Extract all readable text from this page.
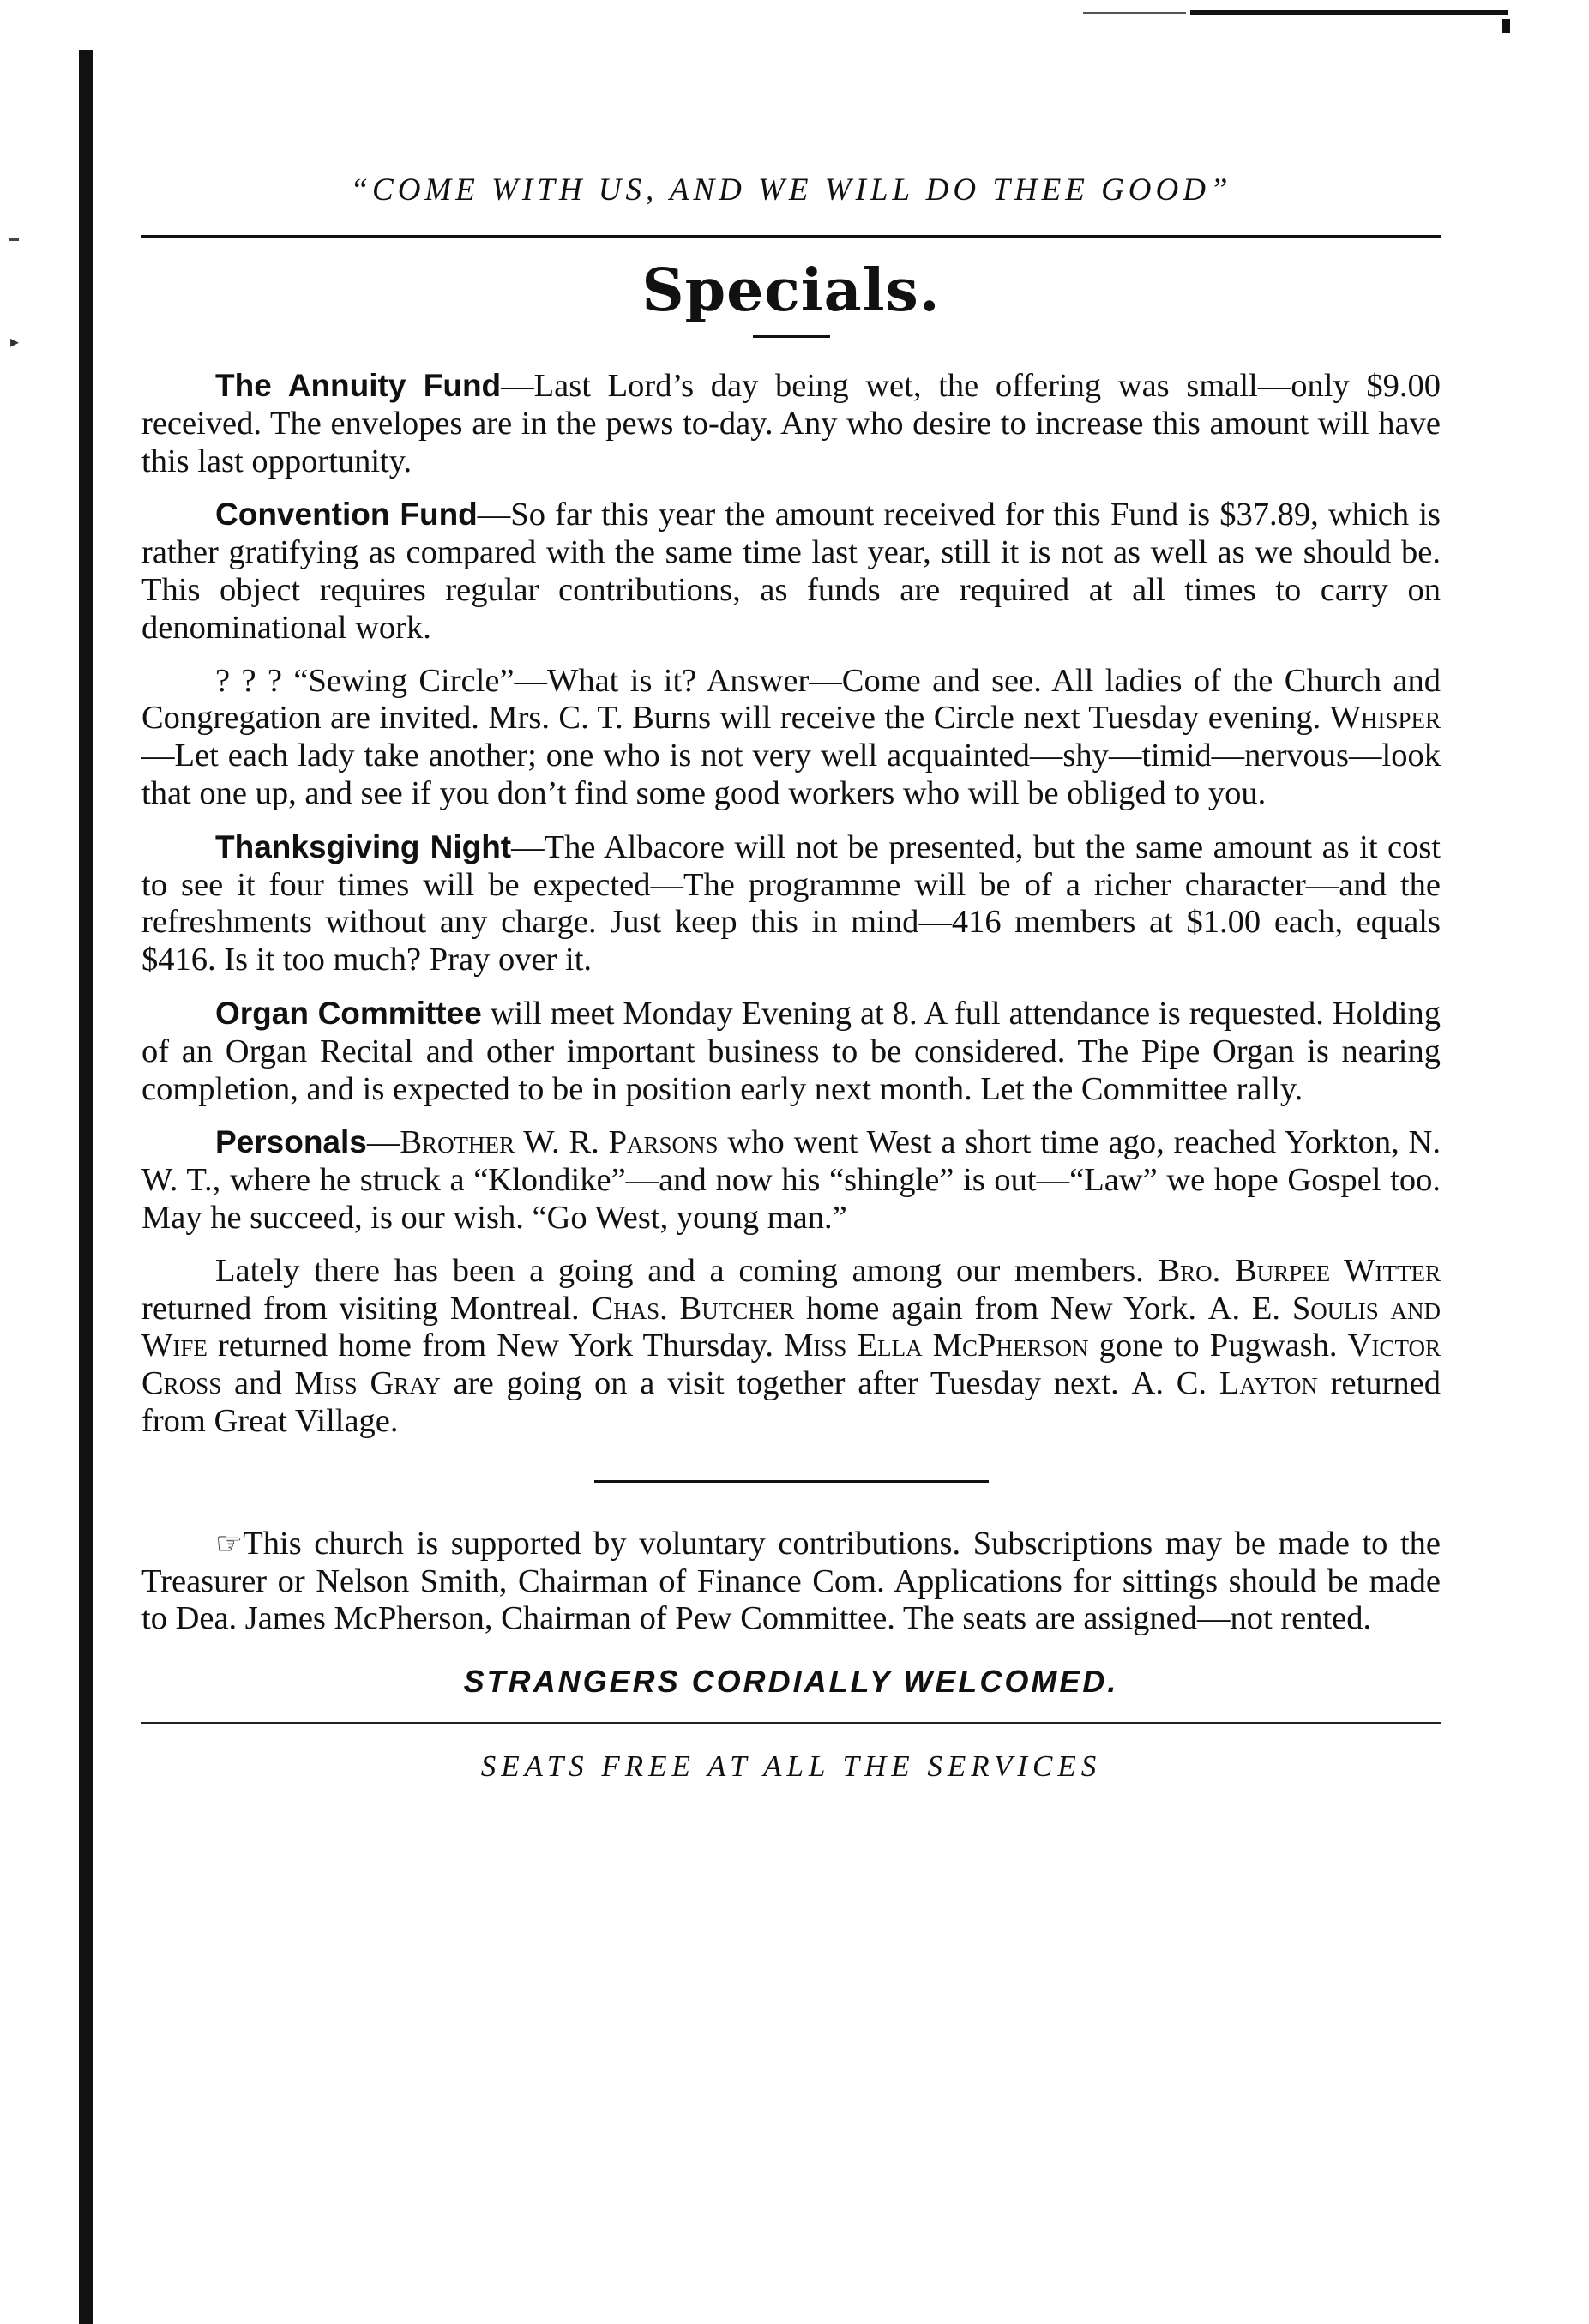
▸
“COME WITH US, AND WE WILL DO THEE GOOD”
Specials.

The Annuity Fund—Last Lord’s day being wet, the offering was small—only $9.00 received. The envelopes are in the pews to-day. Any who desire to increase this amount will have this last opportunity.

Convention Fund—So far this year the amount received for this Fund is $37.89, which is rather gratifying as compared with the same time last year, still it is not as well as we should be. This object requires regular contributions, as funds are required at all times to carry on denominational work.

? ? ? “Sewing Circle”—What is it? Answer—Come and see. All ladies of the Church and Congregation are invited. Mrs. C. T. Burns will receive the Circle next Tuesday evening. Whisper—Let each lady take another; one who is not very well acquainted—shy—timid—nervous—look that one up, and see if you don’t find some good workers who will be obliged to you.

Thanksgiving Night—The Albacore will not be presented, but the same amount as it cost to see it four times will be expected—The programme will be of a richer character—and the refreshments without any charge. Just keep this in mind—416 members at $1.00 each, equals $416. Is it too much? Pray over it.

Organ Committee will meet Monday Evening at 8. A full attendance is requested. Holding of an Organ Recital and other important business to be considered. The Pipe Organ is nearing completion, and is expected to be in position early next month. Let the Committee rally.

Personals—Brother W. R. Parsons who went West a short time ago, reached Yorkton, N. W. T., where he struck a “Klondike”—and now his “shingle” is out—“Law” we hope Gospel too. May he succeed, is our wish. “Go West, young man.”

Lately there has been a going and a coming among our members. Bro. Burpee Witter returned from visiting Montreal. Chas. Butcher home again from New York. A. E. Soulis and Wife returned home from New York Thursday. Miss Ella McPherson gone to Pugwash. Victor Cross and Miss Gray are going on a visit together after Tuesday next. A. C. Layton returned from Great Village.

☞This church is supported by voluntary contributions. Subscriptions may be made to the Treasurer or Nelson Smith, Chairman of Finance Com. Applications for sittings should be made to Dea. James McPherson, Chairman of Pew Committee. The seats are assigned—not rented.

STRANGERS CORDIALLY WELCOMED.
SEATS FREE AT ALL THE SERVICES
